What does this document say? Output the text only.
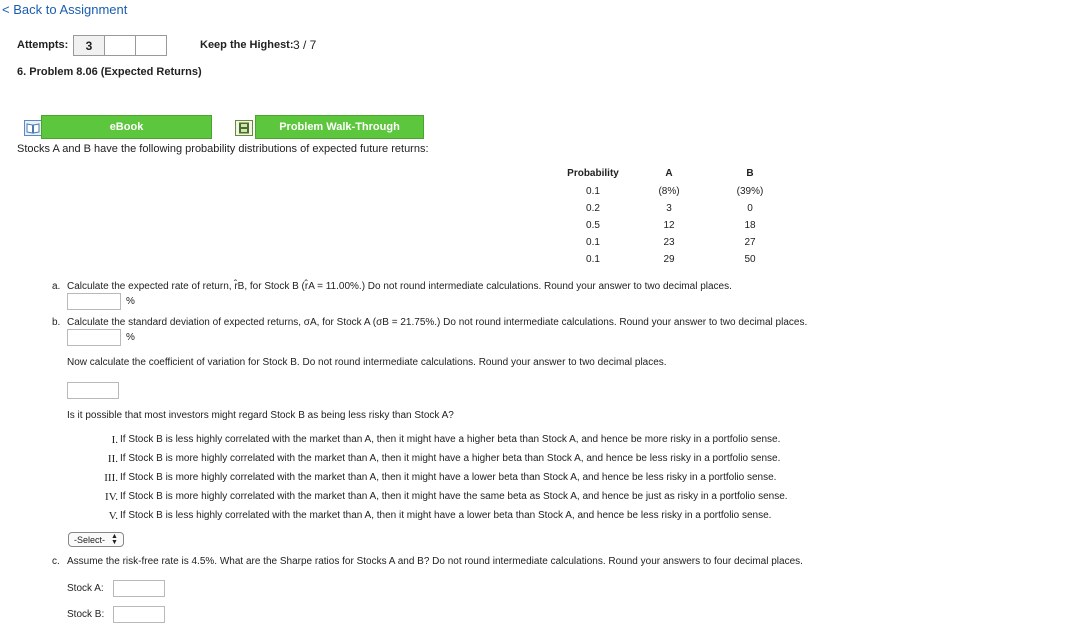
< Back to Assignment
Attempts:	3	Keep the Highest: 3 / 7
6. Problem 8.06 (Expected Returns)
eBook	Problem Walk-Through
Stocks A and B have the following probability distributions of expected future returns:
Probability	A	B
0.1	(8%)	(39%)
0.2	3	0
0.5	12	18
0.1	23	27
0.1	29	50
a. Calculate the expected rate of return, r̂B, for Stock B (r̂A = 11.00%.) Do not round intermediate calculations. Round your answer to two decimal places.
%
b. Calculate the standard deviation of expected returns, σA, for Stock A (σB = 21.75%.) Do not round intermediate calculations. Round your answer to two decimal places.
%
Now calculate the coefficient of variation for Stock B. Do not round intermediate calculations. Round your answer to two decimal places.
Is it possible that most investors might regard Stock B as being less risky than Stock A?
I. If Stock B is less highly correlated with the market than A, then it might have a higher beta than Stock A, and hence be more risky in a portfolio sense.
II. If Stock B is more highly correlated with the market than A, then it might have a higher beta than Stock A, and hence be less risky in a portfolio sense.
III. If Stock B is more highly correlated with the market than A, then it might have a lower beta than Stock A, and hence be less risky in a portfolio sense.
IV. If Stock B is more highly correlated with the market than A, then it might have the same beta as Stock A, and hence be just as risky in a portfolio sense.
V. If Stock B is less highly correlated with the market than A, then it might have a lower beta than Stock A, and hence be less risky in a portfolio sense.
-Select- ▲
▼
c. Assume the risk-free rate is 4.5%. What are the Sharpe ratios for Stocks A and B? Do not round intermediate calculations. Round your answers to four decimal places.
Stock A:
Stock B:
